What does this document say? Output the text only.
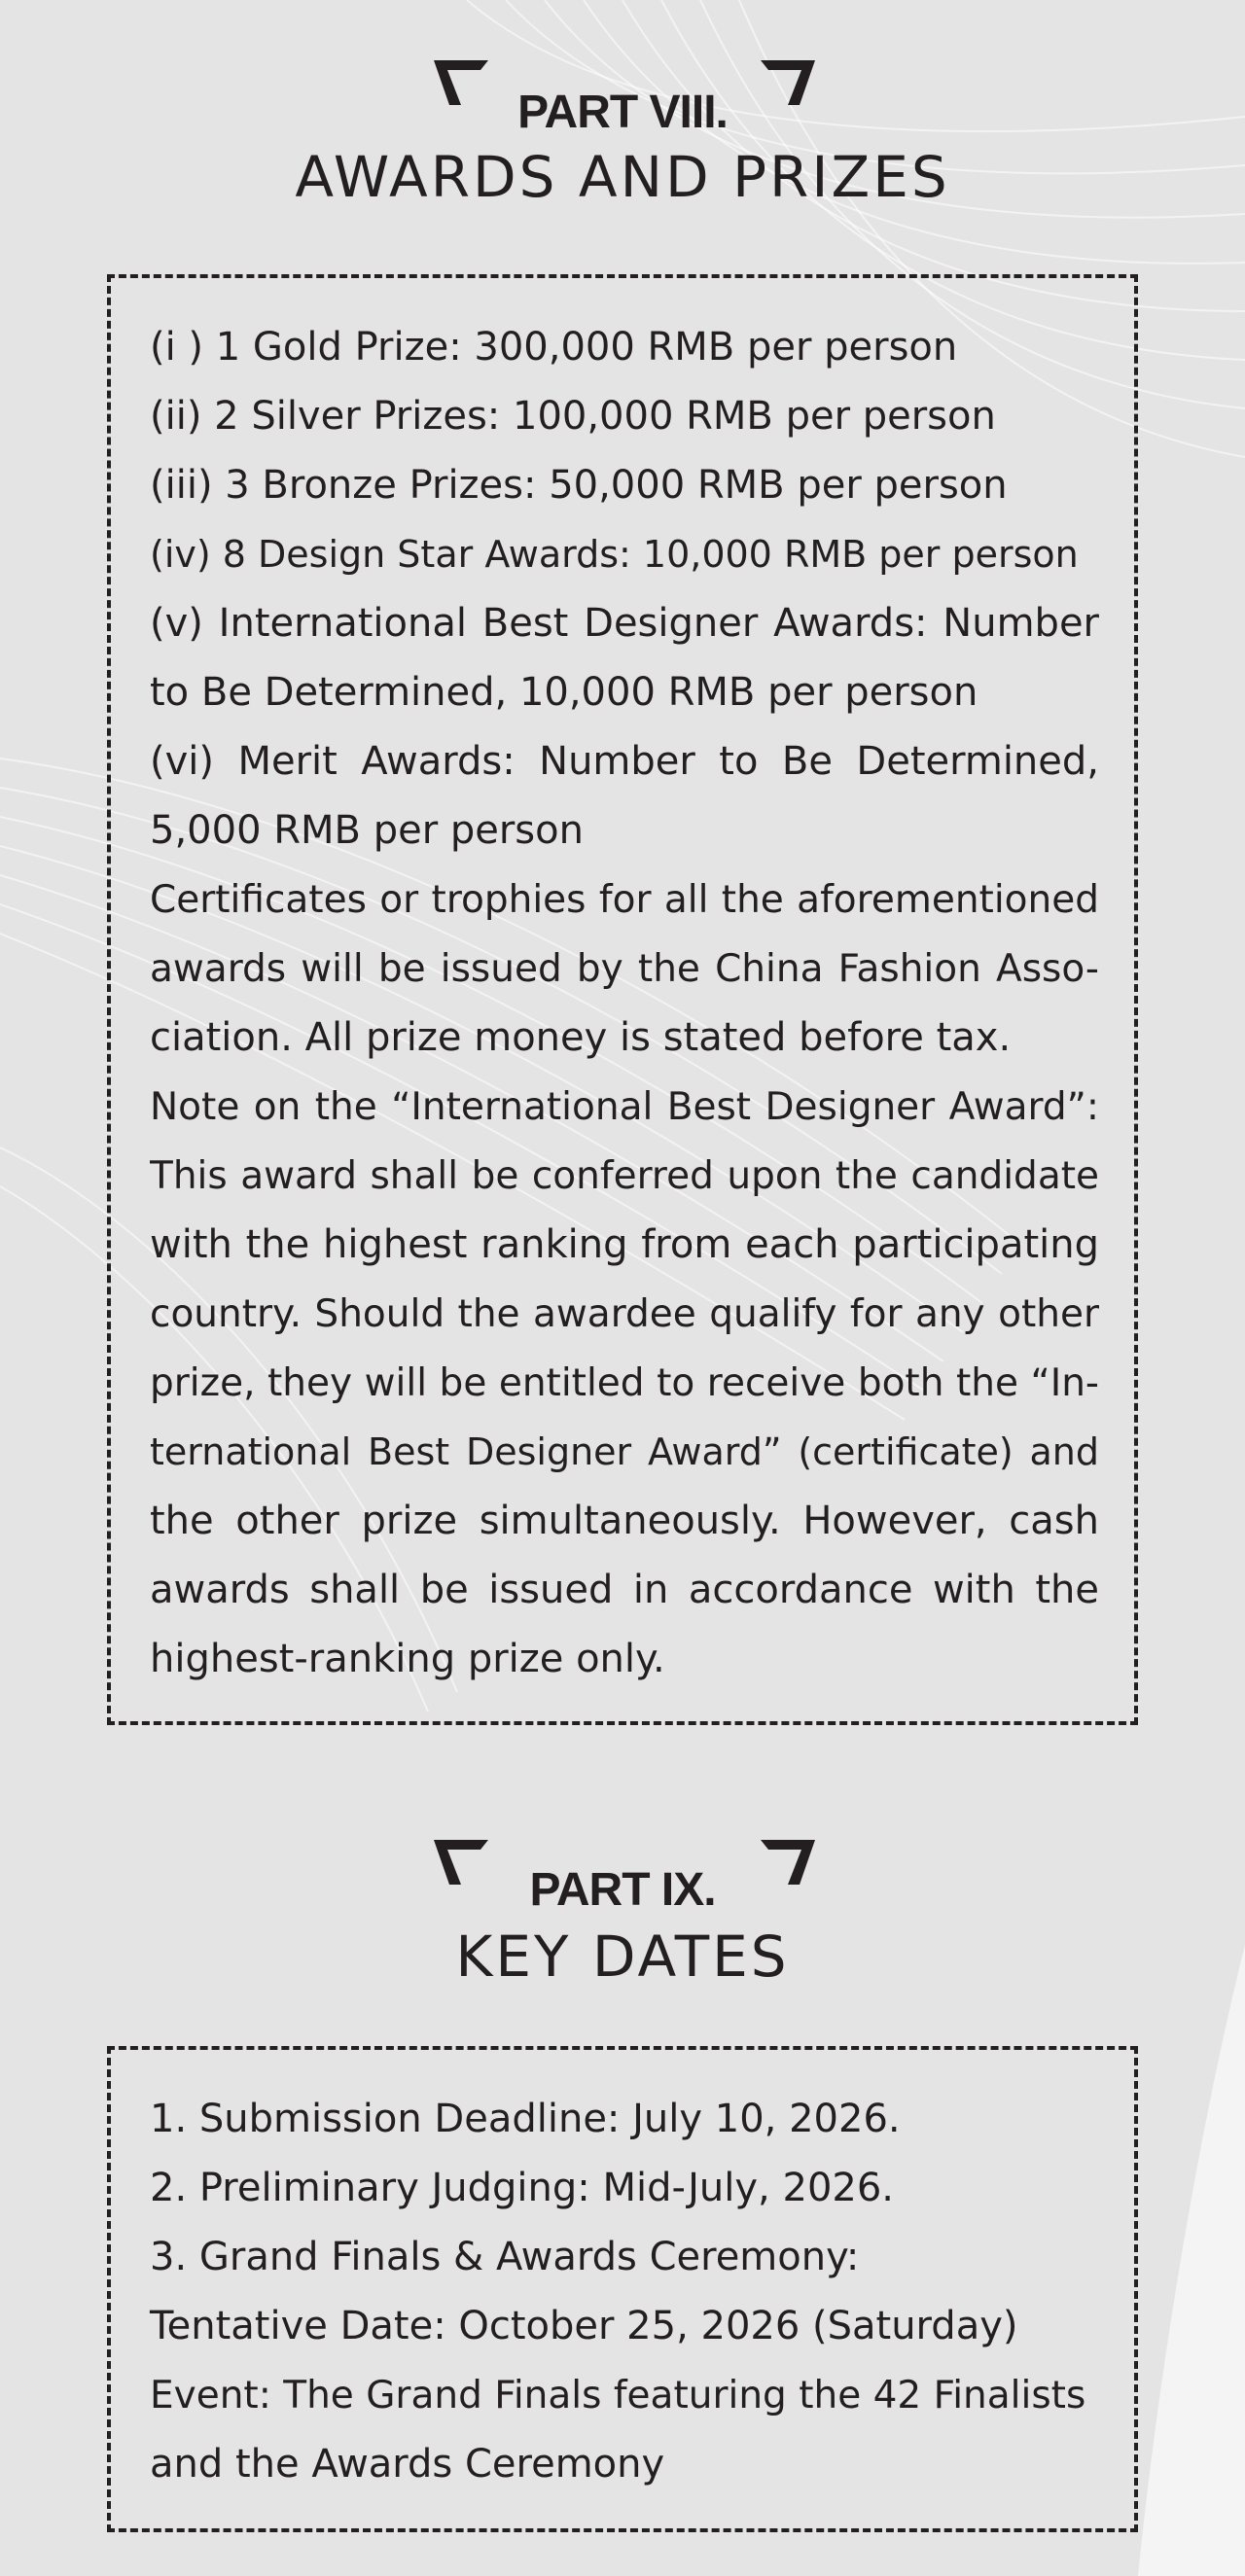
PART VIII.
AWARDS AND PRIZES
(i ) 1 Gold Prize: 300,000 RMB per person
(ii) 2 Silver Prizes: 100,000 RMB per person
(iii) 3 Bronze Prizes: 50,000 RMB per person
(iv) 8 Design Star Awards: 10,000 RMB per person
(v) International Best Designer Awards: Number
to Be Determined, 10,000 RMB per person
(vi) Merit Awards: Number to Be Determined,
5,000 RMB per person
Certificates or trophies for all the aforementioned
awards will be issued by the China Fashion Asso-
ciation. All prize money is stated before tax.
Note on the “International Best Designer Award”:
This award shall be conferred upon the candidate
with the highest ranking from each participating
country. Should the awardee qualify for any other
prize, they will be entitled to receive both the “In-
ternational Best Designer Award” (certificate) and
the other prize simultaneously. However, cash
awards shall be issued in accordance with the
highest-ranking prize only.
PART IX.
KEY DATES
1. Submission Deadline: July 10, 2026.
2. Preliminary Judging: Mid-July, 2026.
3. Grand Finals & Awards Ceremony:
Tentative Date: October 25, 2026 (Saturday)
Event: The Grand Finals featuring the 42 Finalists
and the Awards Ceremony
